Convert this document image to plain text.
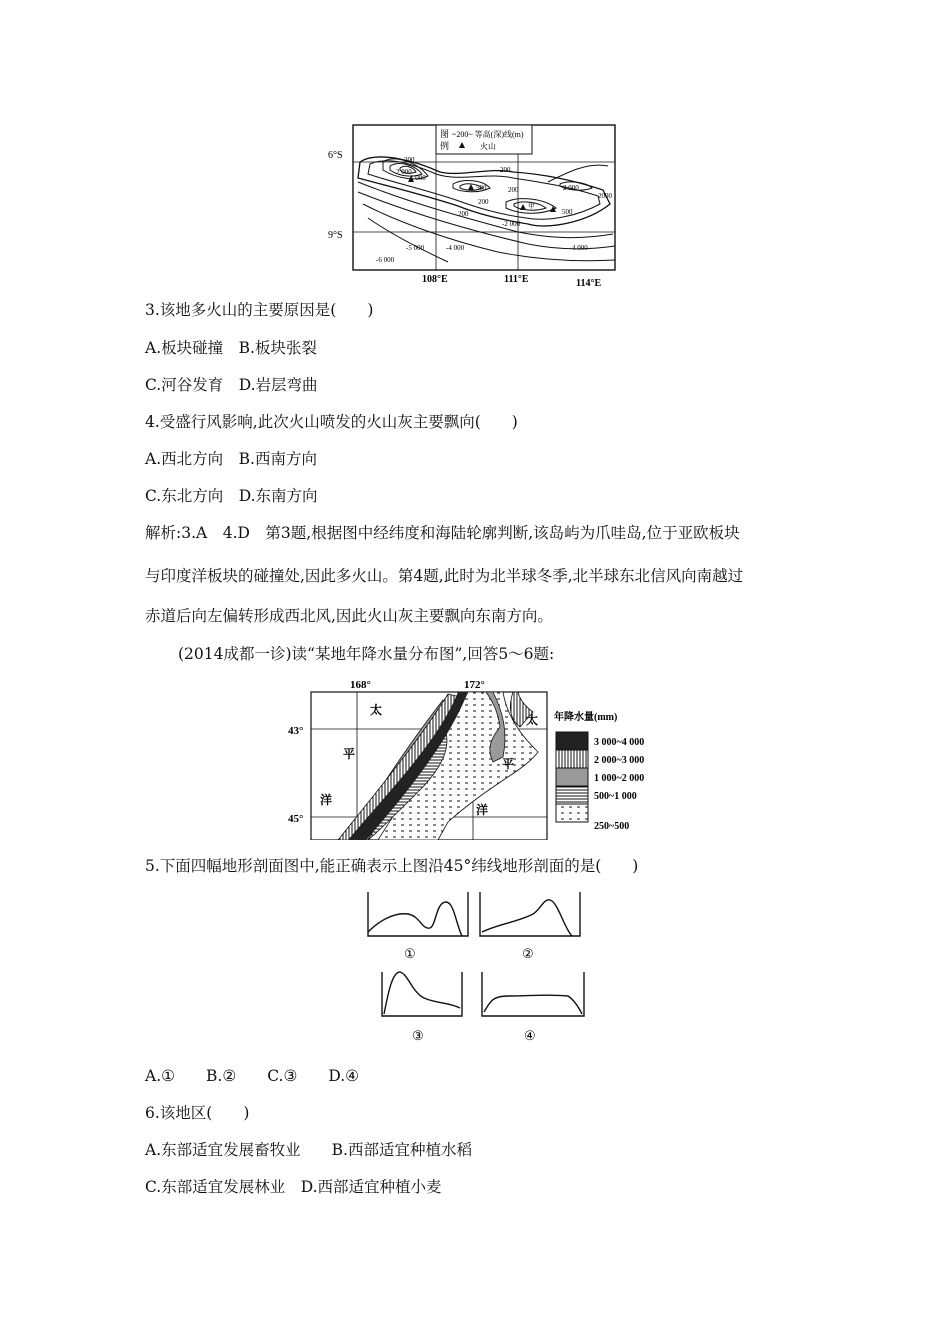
图 ~200~ 等高(深)线(m)
例	火山
2 000
200
1 000
500
200
2 000
200
200	500
200
-2 000
-4 000
-5 000
-6 000
4 000
2000
甲
6°S
9°S
108°E	111°E	114°E
3.该地多火山的主要原因是(　　)
A.板块碰撞　B.板块张裂
C.河谷发育　D.岩层弯曲
4.受盛行风影响,此次火山喷发的火山灰主要飘向(　　)
A.西北方向　B.西南方向
C.东北方向　D.东南方向
解析:3.A　4.D　第3题,根据图中经纬度和海陆轮廓判断,该岛屿为爪哇岛,位于亚欧板块
与印度洋板块的碰撞处,因此多火山。第4题,此时为北半球冬季,北半球东北信风向南越过
赤道后向左偏转形成西北风,因此火山灰主要飘向东南方向。
(2014成都一诊)读“某地年降水量分布图”,回答5～6题:
太
平
洋
太
平
洋
168°	172°
43°
45°
年降水量(mm)
3 000~4 000
2 000~3 000
1 000~2 000
500~1 000
250~500
5.下面四幅地形剖面图中,能正确表示上图沿45°纬线地形剖面的是(　　)
①	②
③	④
A.①　　B.②　　C.③　　D.④
6.该地区(　　)
A.东部适宜发展畜牧业　　B.西部适宜种植水稻
C.东部适宜发展林业　D.西部适宜种植小麦
